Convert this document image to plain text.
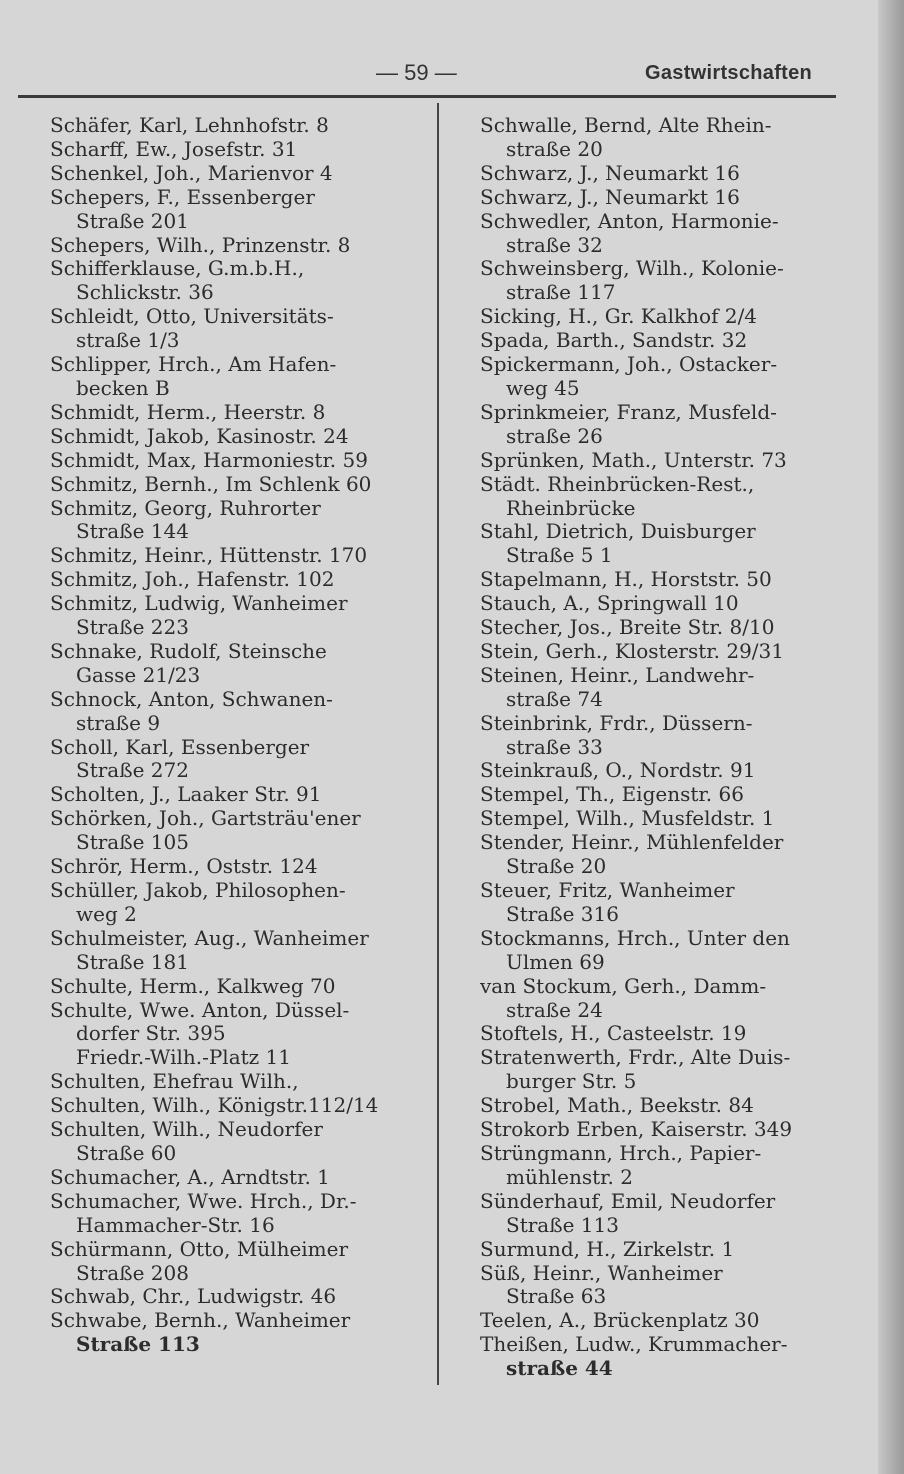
— 59 —	Gastwirtschaften
Schäfer, Karl, Lehnhofstr. 8
Scharff, Ew., Josefstr. 31
Schenkel, Joh., Marienvor 4
Schepers, F., Essenberger
Straße 201
Schepers, Wilh., Prinzenstr. 8
Schifferklause, G.m.b.H.,
Schlickstr. 36
Schleidt, Otto, Universitäts-
straße 1/3
Schlipper, Hrch., Am Hafen-
becken B
Schmidt, Herm., Heerstr. 8
Schmidt, Jakob, Kasinostr. 24
Schmidt, Max, Harmoniestr. 59
Schmitz, Bernh., Im Schlenk 60
Schmitz, Georg, Ruhrorter
Straße 144
Schmitz, Heinr., Hüttenstr. 170
Schmitz, Joh., Hafenstr. 102
Schmitz, Ludwig, Wanheimer
Straße 223
Schnake, Rudolf, Steinsche
Gasse 21/23
Schnock, Anton, Schwanen-
straße 9
Scholl, Karl, Essenberger
Straße 272
Scholten, J., Laaker Str. 91
Schörken, Joh., Gartsträu'ener
Straße 105
Schrör, Herm., Oststr. 124
Schüller, Jakob, Philosophen-
weg 2
Schulmeister, Aug., Wanheimer
Straße 181
Schulte, Herm., Kalkweg 70
Schulte, Wwe. Anton, Düssel-
dorfer Str. 395
Friedr.-Wilh.-Platz 11
Schulten, Ehefrau Wilh.,
Schulten, Wilh., Königstr.112/14
Schulten, Wilh., Neudorfer
Straße 60
Schumacher, A., Arndtstr. 1
Schumacher, Wwe. Hrch., Dr.-
Hammacher-Str. 16
Schürmann, Otto, Mülheimer
Straße 208
Schwab, Chr., Ludwigstr. 46
Schwabe, Bernh., Wanheimer
Straße 113
Schwalle, Bernd, Alte Rhein-
straße 20
Schwarz, J., Neumarkt 16
Schwarz, J., Neumarkt 16
Schwedler, Anton, Harmonie-
straße 32
Schweinsberg, Wilh., Kolonie-
straße 117
Sicking, H., Gr. Kalkhof 2/4
Spada, Barth., Sandstr. 32
Spickermann, Joh., Ostacker-
weg 45
Sprinkmeier, Franz, Musfeld-
straße 26
Sprünken, Math., Unterstr. 73
Städt. Rheinbrücken-Rest.,
Rheinbrücke
Stahl, Dietrich, Duisburger
Straße 5 1
Stapelmann, H., Horststr. 50
Stauch, A., Springwall 10
Stecher, Jos., Breite Str. 8/10
Stein, Gerh., Klosterstr. 29/31
Steinen, Heinr., Landwehr-
straße 74
Steinbrink, Frdr., Düssern-
straße 33
Steinkrauß, O., Nordstr. 91
Stempel, Th., Eigenstr. 66
Stempel, Wilh., Musfeldstr. 1
Stender, Heinr., Mühlenfelder
Straße 20
Steuer, Fritz, Wanheimer
Straße 316
Stockmanns, Hrch., Unter den
Ulmen 69
van Stockum, Gerh., Damm-
straße 24
Stoftels, H., Casteelstr. 19
Stratenwerth, Frdr., Alte Duis-
burger Str. 5
Strobel, Math., Beekstr. 84
Strokorb Erben, Kaiserstr. 349
Strüngmann, Hrch., Papier-
mühlenstr. 2
Sünderhauf, Emil, Neudorfer
Straße 113
Surmund, H., Zirkelstr. 1
Süß, Heinr., Wanheimer
Straße 63
Teelen, A., Brückenplatz 30
Theißen, Ludw., Krummacher-
straße 44
